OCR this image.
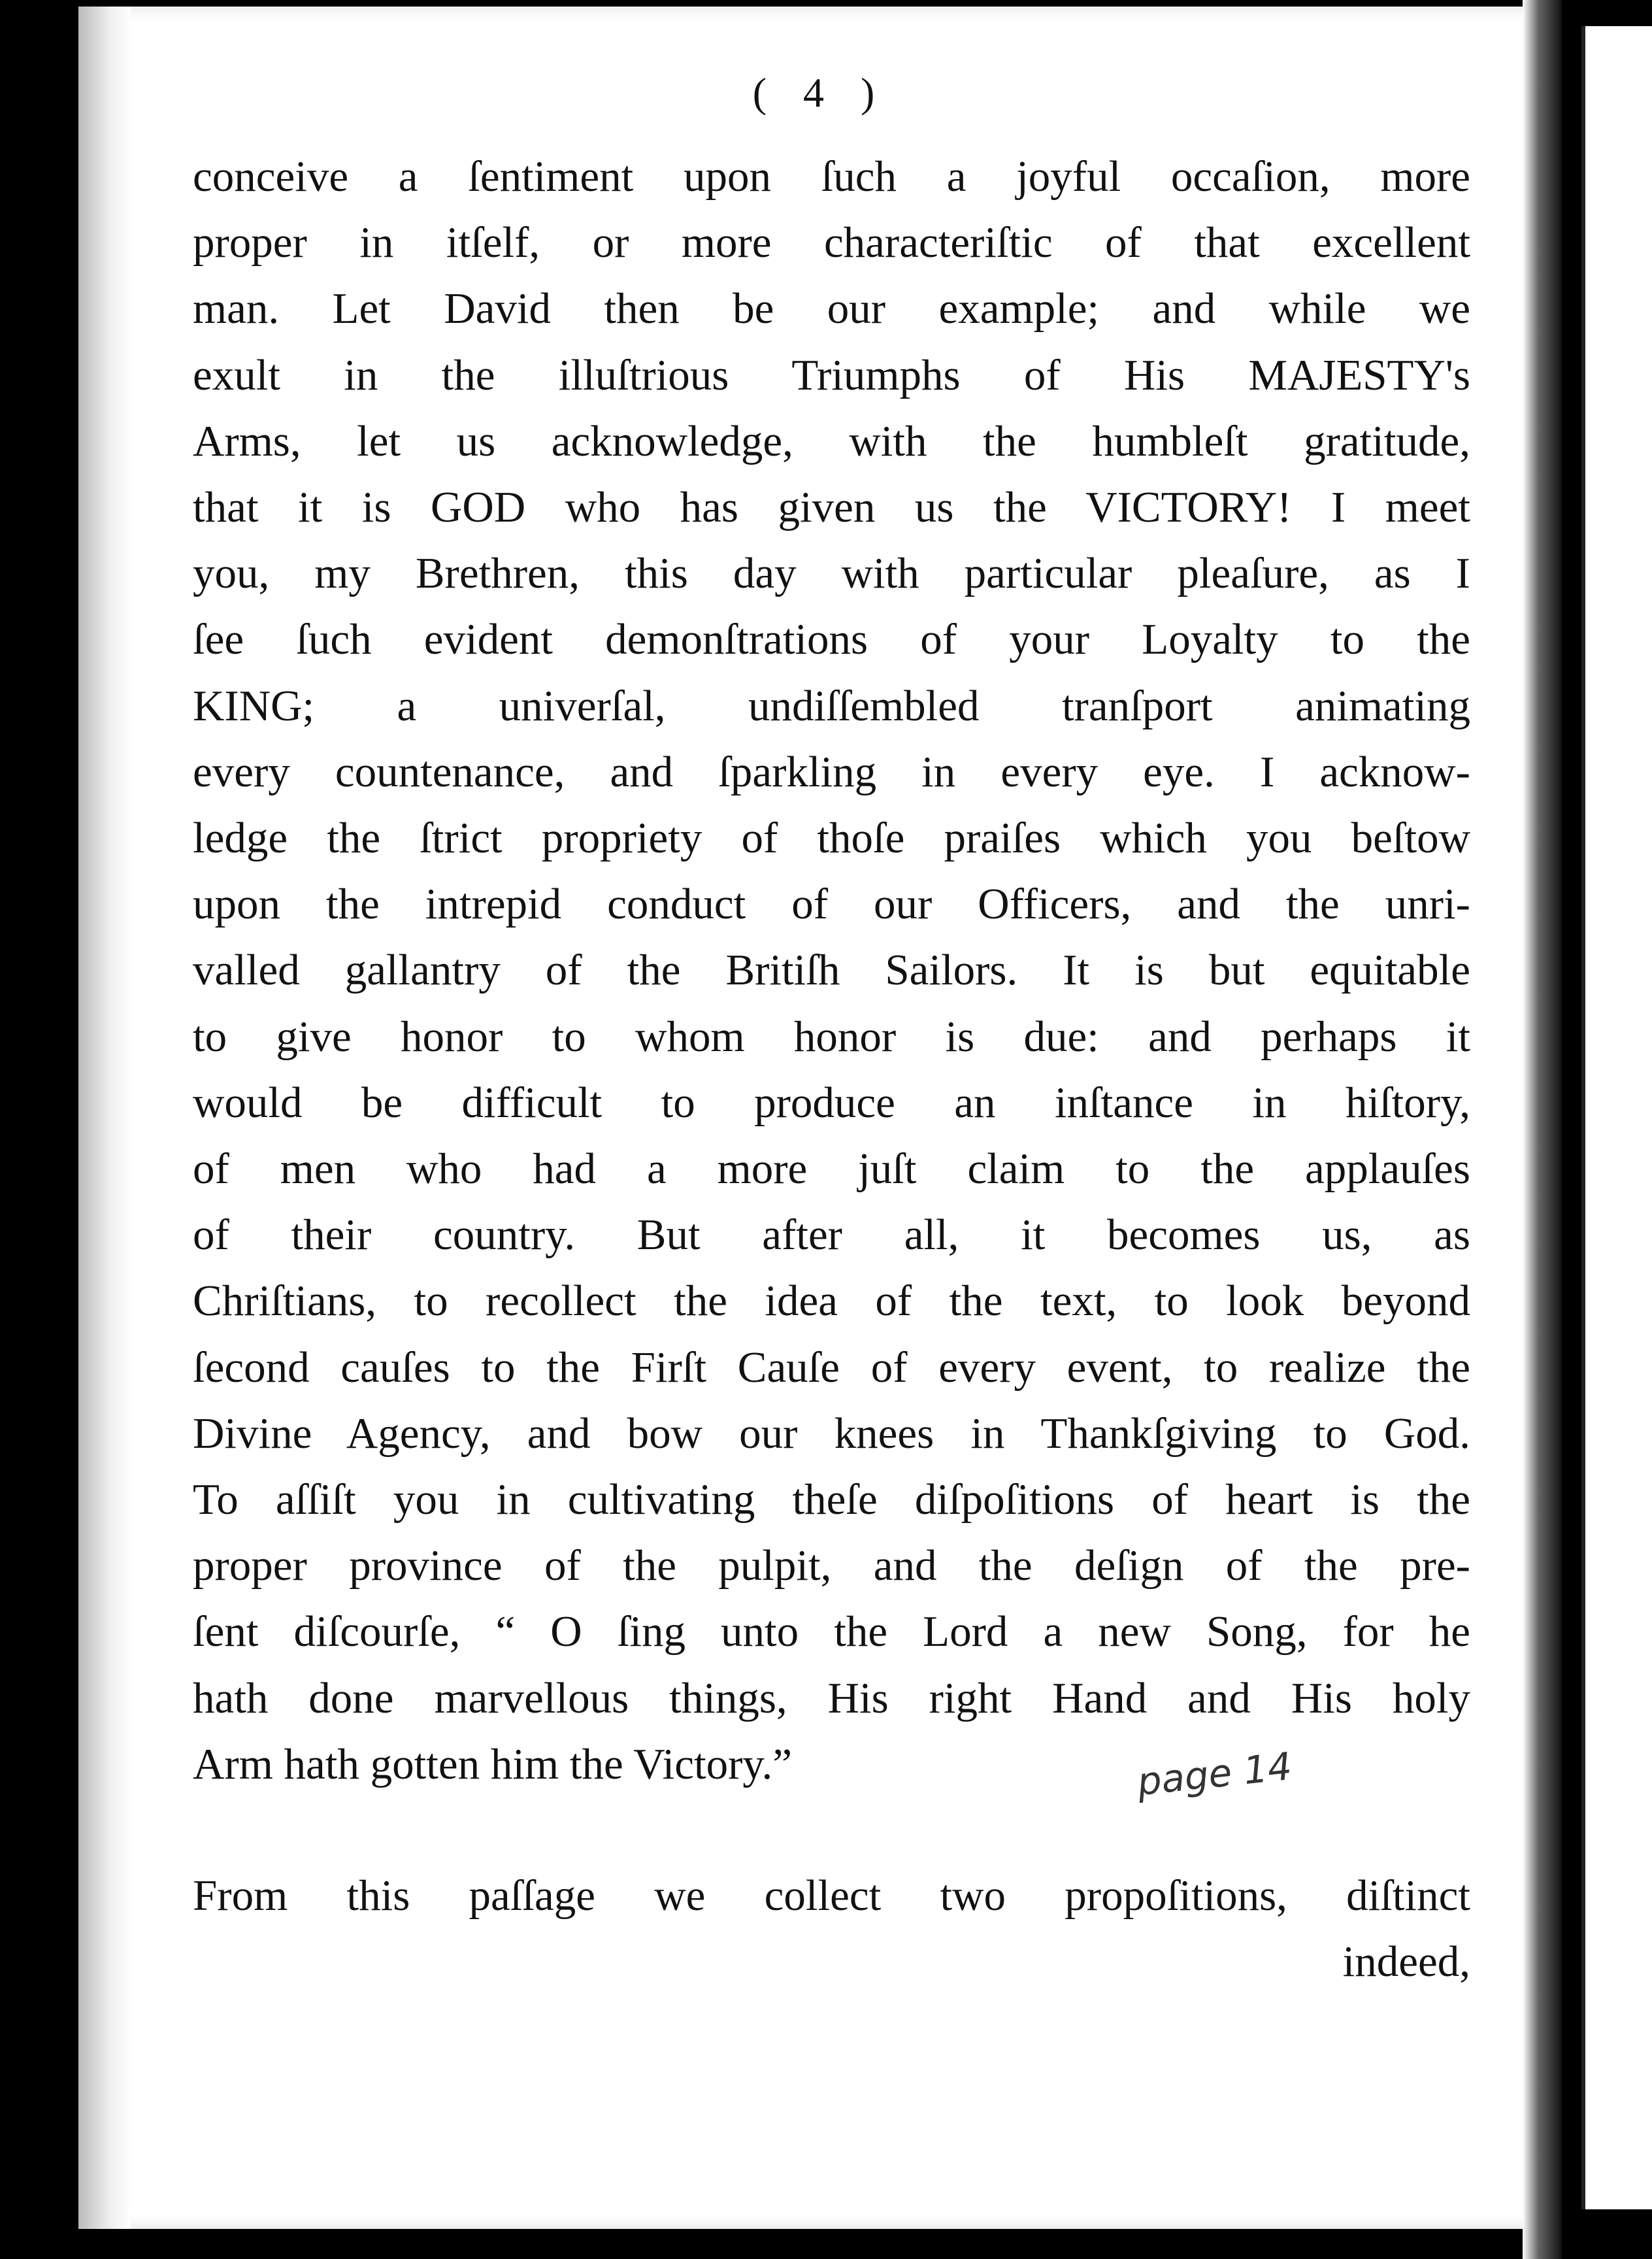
( 4 )
conceive a ſentiment upon ſuch a joyful occaſion, more
proper in itſelf, or more characteriſtic of that excellent
man. Let David then be our example; and while we
exult in the illuſtrious Triumphs of His MAJESTY's
Arms, let us acknowledge, with the humbleſt gratitude,
that it is GOD who has given us the VICTORY! I meet
you, my Brethren, this day with particular pleaſure, as I
ſee ſuch evident demonſtrations of your Loyalty to the
KING; a univerſal, undiſſembled tranſport animating
every countenance, and ſparkling in every eye. I acknow-
ledge the ſtrict propriety of thoſe praiſes which you beſtow
upon the intrepid conduct of our Officers, and the unri-
valled gallantry of the Britiſh Sailors. It is but equitable
to give honor to whom honor is due: and perhaps it
would be difficult to produce an inſtance in hiſtory,
of men who had a more juſt claim to the applauſes
of their country. But after all, it becomes us, as
Chriſtians, to recollect the idea of the text, to look beyond
ſecond cauſes to the Firſt Cauſe of every event, to realize the
Divine Agency, and bow our knees in Thankſgiving to God.
To aſſiſt you in cultivating theſe diſpoſitions of heart is the
proper province of the pulpit, and the deſign of the pre-
ſent diſcourſe, “ O ſing unto the Lord a new Song, for he
hath done marvellous things, His right Hand and His holy
Arm hath gotten him the Victory.”
From this paſſage we collect two propoſitions, diſtinct
indeed,
page 14
